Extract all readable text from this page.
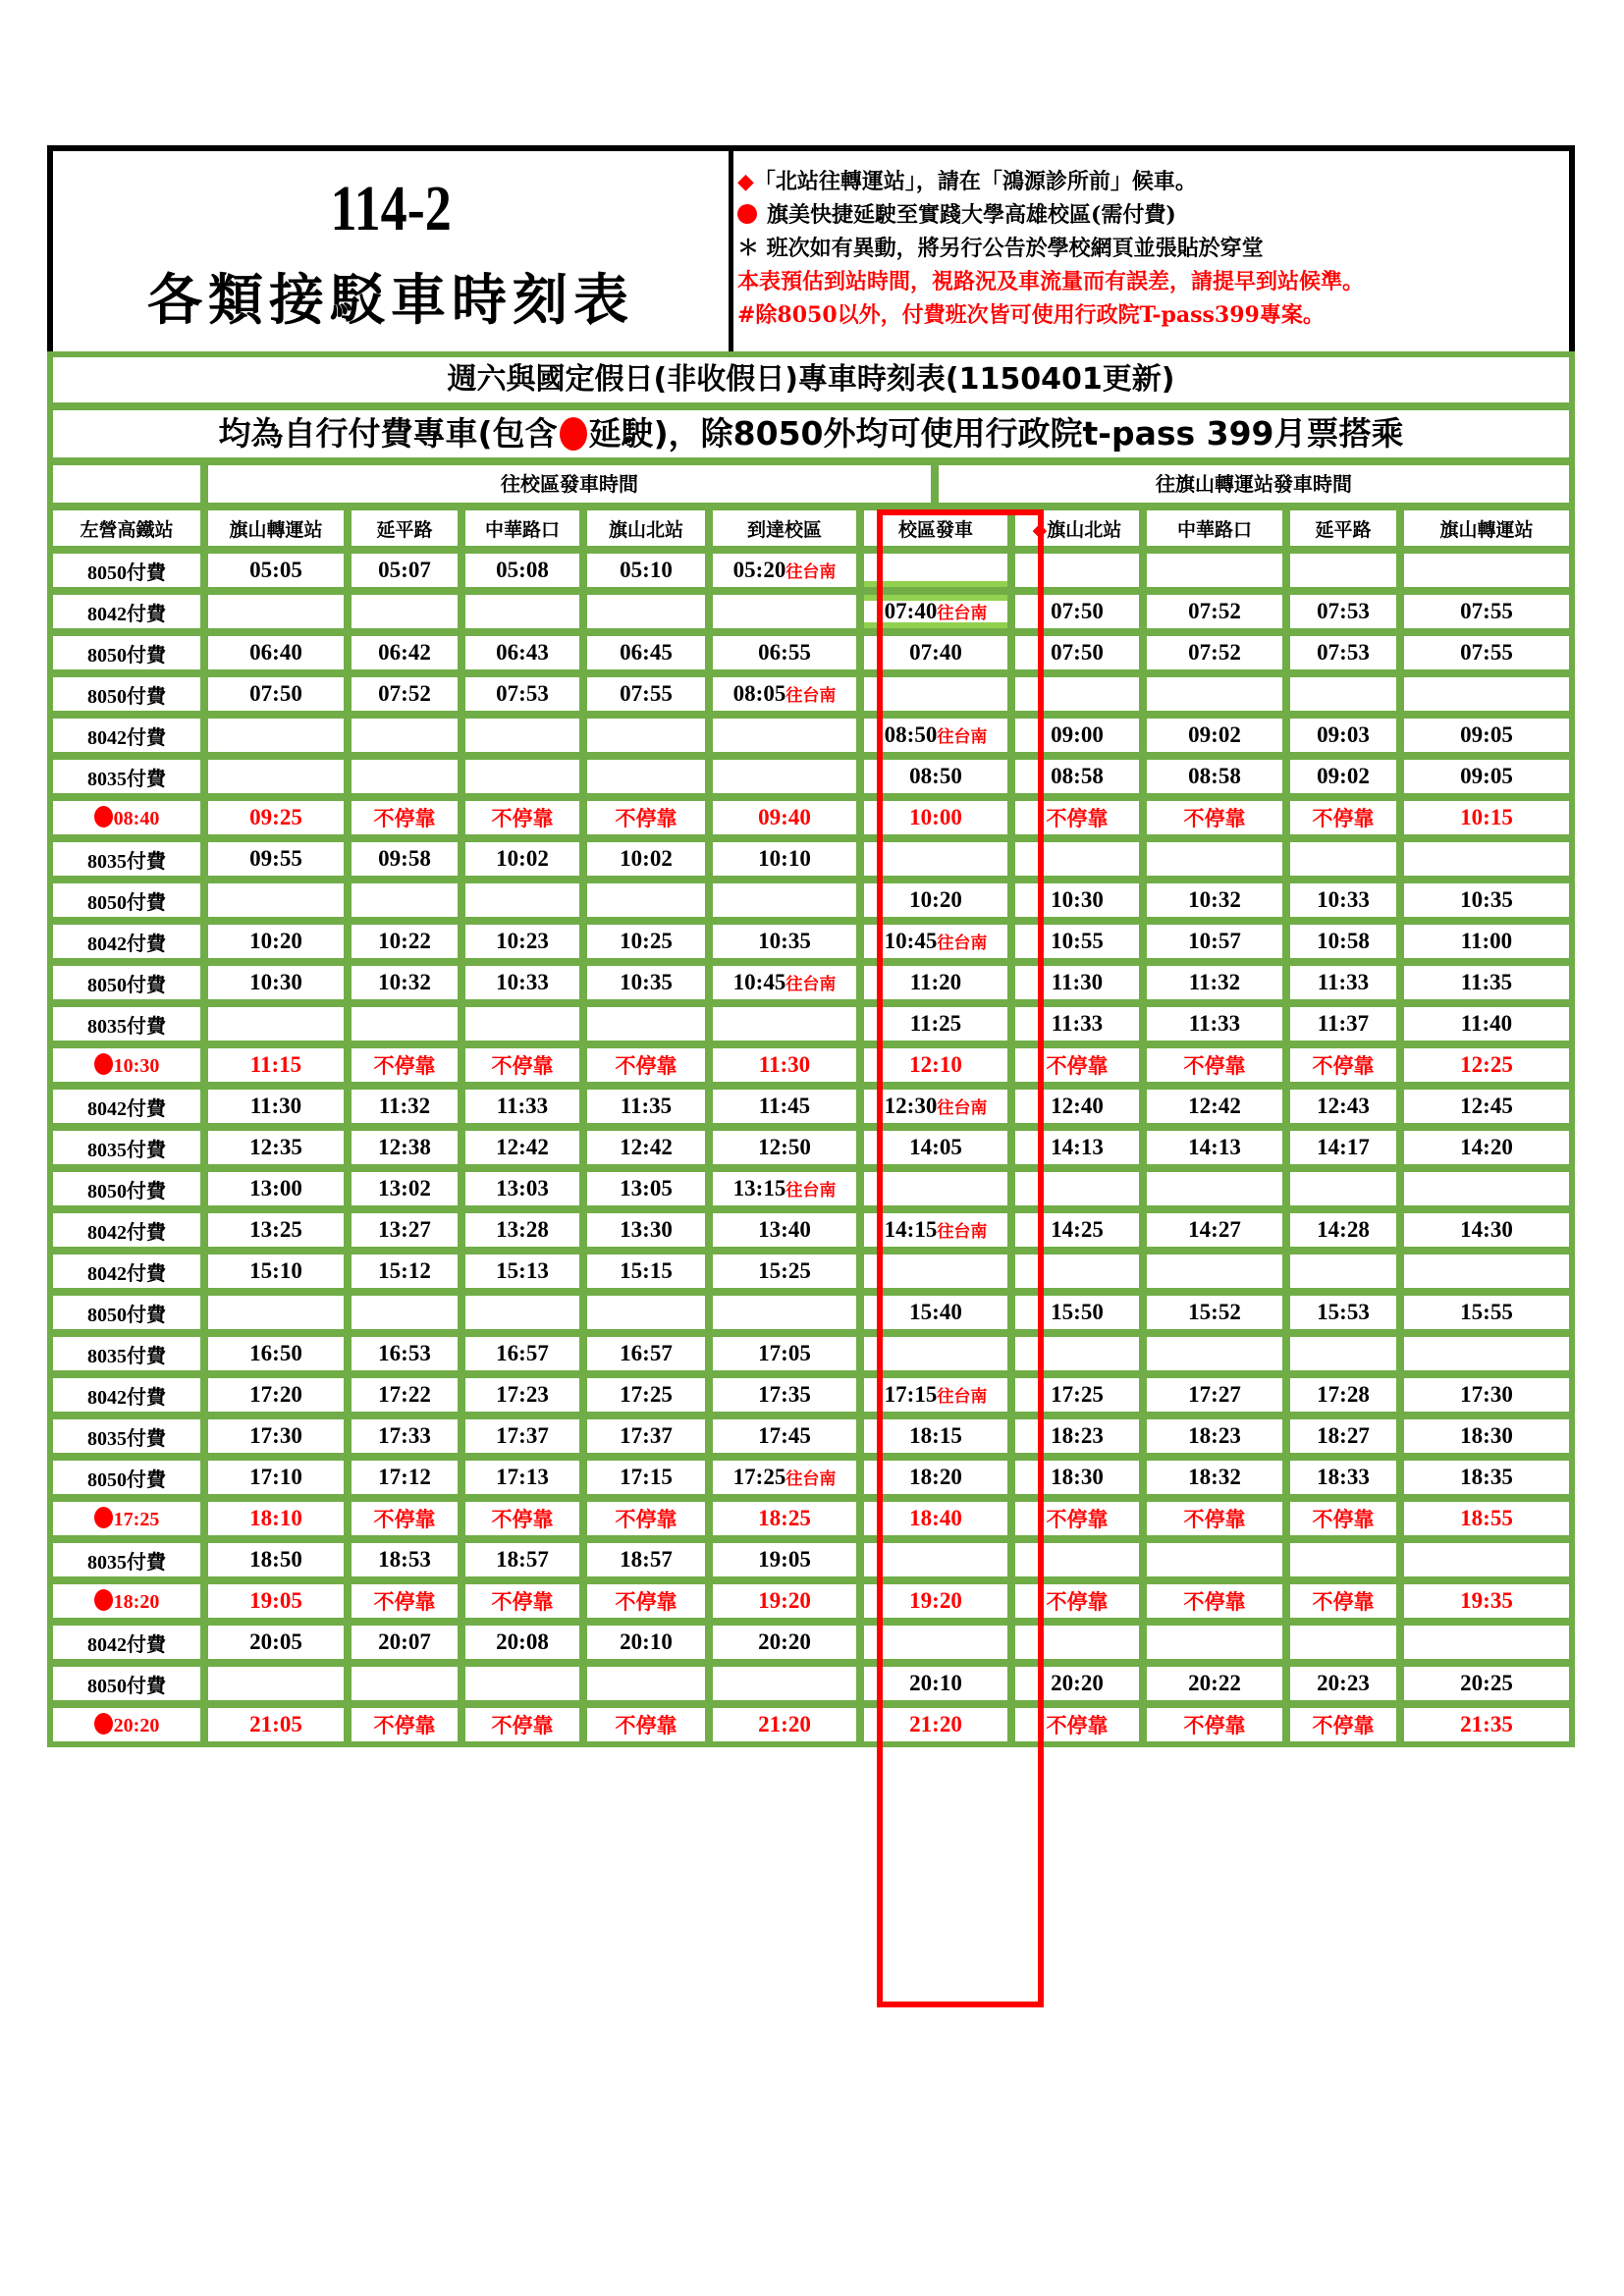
114-2
各類接駁車時刻表
◆「北站往轉運站」，請在「鴻源診所前」候車。
旗美快捷延駛至實踐大學高雄校區(需付費)
＊ 班次如有異動，將另行公告於學校網頁並張貼於穿堂
本表預估到站時間，視路況及車流量而有誤差，請提早到站候準。
#除8050以外，付費班次皆可使用行政院T-pass399專案。
週六與國定假日(非收假日)專車時刻表(1150401更新)
均為自行付費專車(包含 延駛)，除8050外均可使用行政院t-pass 399月票搭乘
往校區發車時間	往旗山轉運站發車時間
左營高鐵站	旗山轉運站	延平路	中華路口	旗山北站	到達校區	校區發車	◆旗山北站	中華路口	延平路	旗山轉運站
8050付費	05:05	05:07	05:08	05:10	05:20往台南					
8042付費						07:40往台南	07:50	07:52	07:53	07:55
8050付費	06:40	06:42	06:43	06:45	06:55	07:40	07:50	07:52	07:53	07:55
8050付費	07:50	07:52	07:53	07:55	08:05往台南					
8042付費						08:50往台南	09:00	09:02	09:03	09:05
8035付費						08:50	08:58	08:58	09:02	09:05
08:40	09:25	不停靠	不停靠	不停靠	09:40	10:00	不停靠	不停靠	不停靠	10:15
8035付費	09:55	09:58	10:02	10:02	10:10					
8050付費						10:20	10:30	10:32	10:33	10:35
8042付費	10:20	10:22	10:23	10:25	10:35	10:45往台南	10:55	10:57	10:58	11:00
8050付費	10:30	10:32	10:33	10:35	10:45往台南	11:20	11:30	11:32	11:33	11:35
8035付費						11:25	11:33	11:33	11:37	11:40
10:30	11:15	不停靠	不停靠	不停靠	11:30	12:10	不停靠	不停靠	不停靠	12:25
8042付費	11:30	11:32	11:33	11:35	11:45	12:30往台南	12:40	12:42	12:43	12:45
8035付費	12:35	12:38	12:42	12:42	12:50	14:05	14:13	14:13	14:17	14:20
8050付費	13:00	13:02	13:03	13:05	13:15往台南					
8042付費	13:25	13:27	13:28	13:30	13:40	14:15往台南	14:25	14:27	14:28	14:30
8042付費	15:10	15:12	15:13	15:15	15:25					
8050付費						15:40	15:50	15:52	15:53	15:55
8035付費	16:50	16:53	16:57	16:57	17:05					
8042付費	17:20	17:22	17:23	17:25	17:35	17:15往台南	17:25	17:27	17:28	17:30
8035付費	17:30	17:33	17:37	17:37	17:45	18:15	18:23	18:23	18:27	18:30
8050付費	17:10	17:12	17:13	17:15	17:25往台南	18:20	18:30	18:32	18:33	18:35
17:25	18:10	不停靠	不停靠	不停靠	18:25	18:40	不停靠	不停靠	不停靠	18:55
8035付費	18:50	18:53	18:57	18:57	19:05					
18:20	19:05	不停靠	不停靠	不停靠	19:20	19:20	不停靠	不停靠	不停靠	19:35
8042付費	20:05	20:07	20:08	20:10	20:20					
8050付費						20:10	20:20	20:22	20:23	20:25
20:20	21:05	不停靠	不停靠	不停靠	21:20	21:20	不停靠	不停靠	不停靠	21:35
